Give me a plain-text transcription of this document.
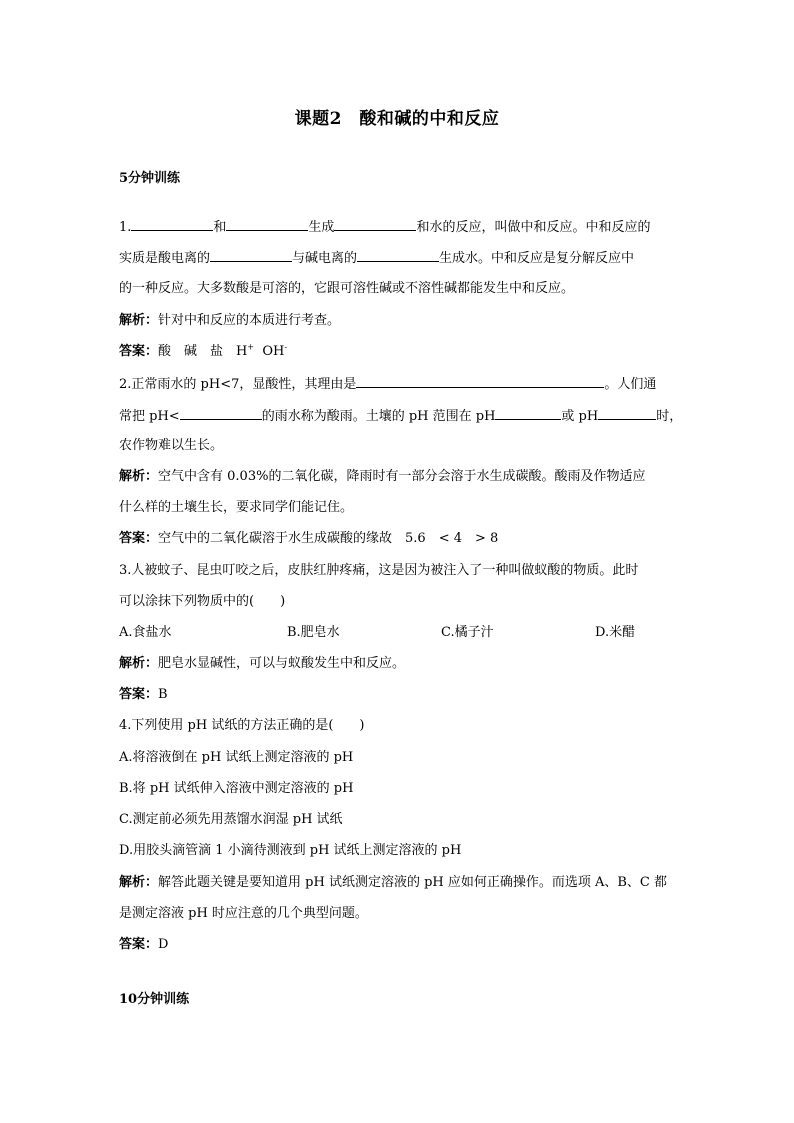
课题2　酸和碱的中和反应
5分钟训练
1.	和	生成	和水的反应，叫做中和反应。中和反应的
实质是酸电离的	与碱电离的	生成水。中和反应是复分解反应中
的一种反应。大多数酸是可溶的，它跟可溶性碱或不溶性碱都能发生中和反应。
解析：针对中和反应的本质进行考查。
答案：酸　碱　盐　H+ OH-
2.正常雨水的 pH<7，显酸性，其理由是	。人们通
常把 pH<	的雨水称为酸雨。土壤的 pH 范围在 pH	或 pH	时，
农作物难以生长。
解析：空气中含有 0.03%的二氧化碳，降雨时有一部分会溶于水生成碳酸。酸雨及作物适应
什么样的土壤生长，要求同学们能记住。
答案：空气中的二氧化碳溶于水生成碳酸的缘故　5.6　< 4　> 8
3.人被蚊子、昆虫叮咬之后，皮肤红肿疼痛，这是因为被注入了一种叫做蚁酸的物质。此时
可以涂抹下列物质中的(　　)
A.食盐水	B.肥皂水	C.橘子汁	D.米醋
解析：肥皂水显碱性，可以与蚁酸发生中和反应。
答案：B
4.下列使用 pH 试纸的方法正确的是(　　)
A.将溶液倒在 pH 试纸上测定溶液的 pH
B.将 pH 试纸伸入溶液中测定溶液的 pH
C.测定前必须先用蒸馏水润湿 pH 试纸
D.用胶头滴管滴 1 小滴待测液到 pH 试纸上测定溶液的 pH
解析：解答此题关键是要知道用 pH 试纸测定溶液的 pH 应如何正确操作。而选项 A、B、C 都
是测定溶液 pH 时应注意的几个典型问题。
答案：D
10分钟训练
